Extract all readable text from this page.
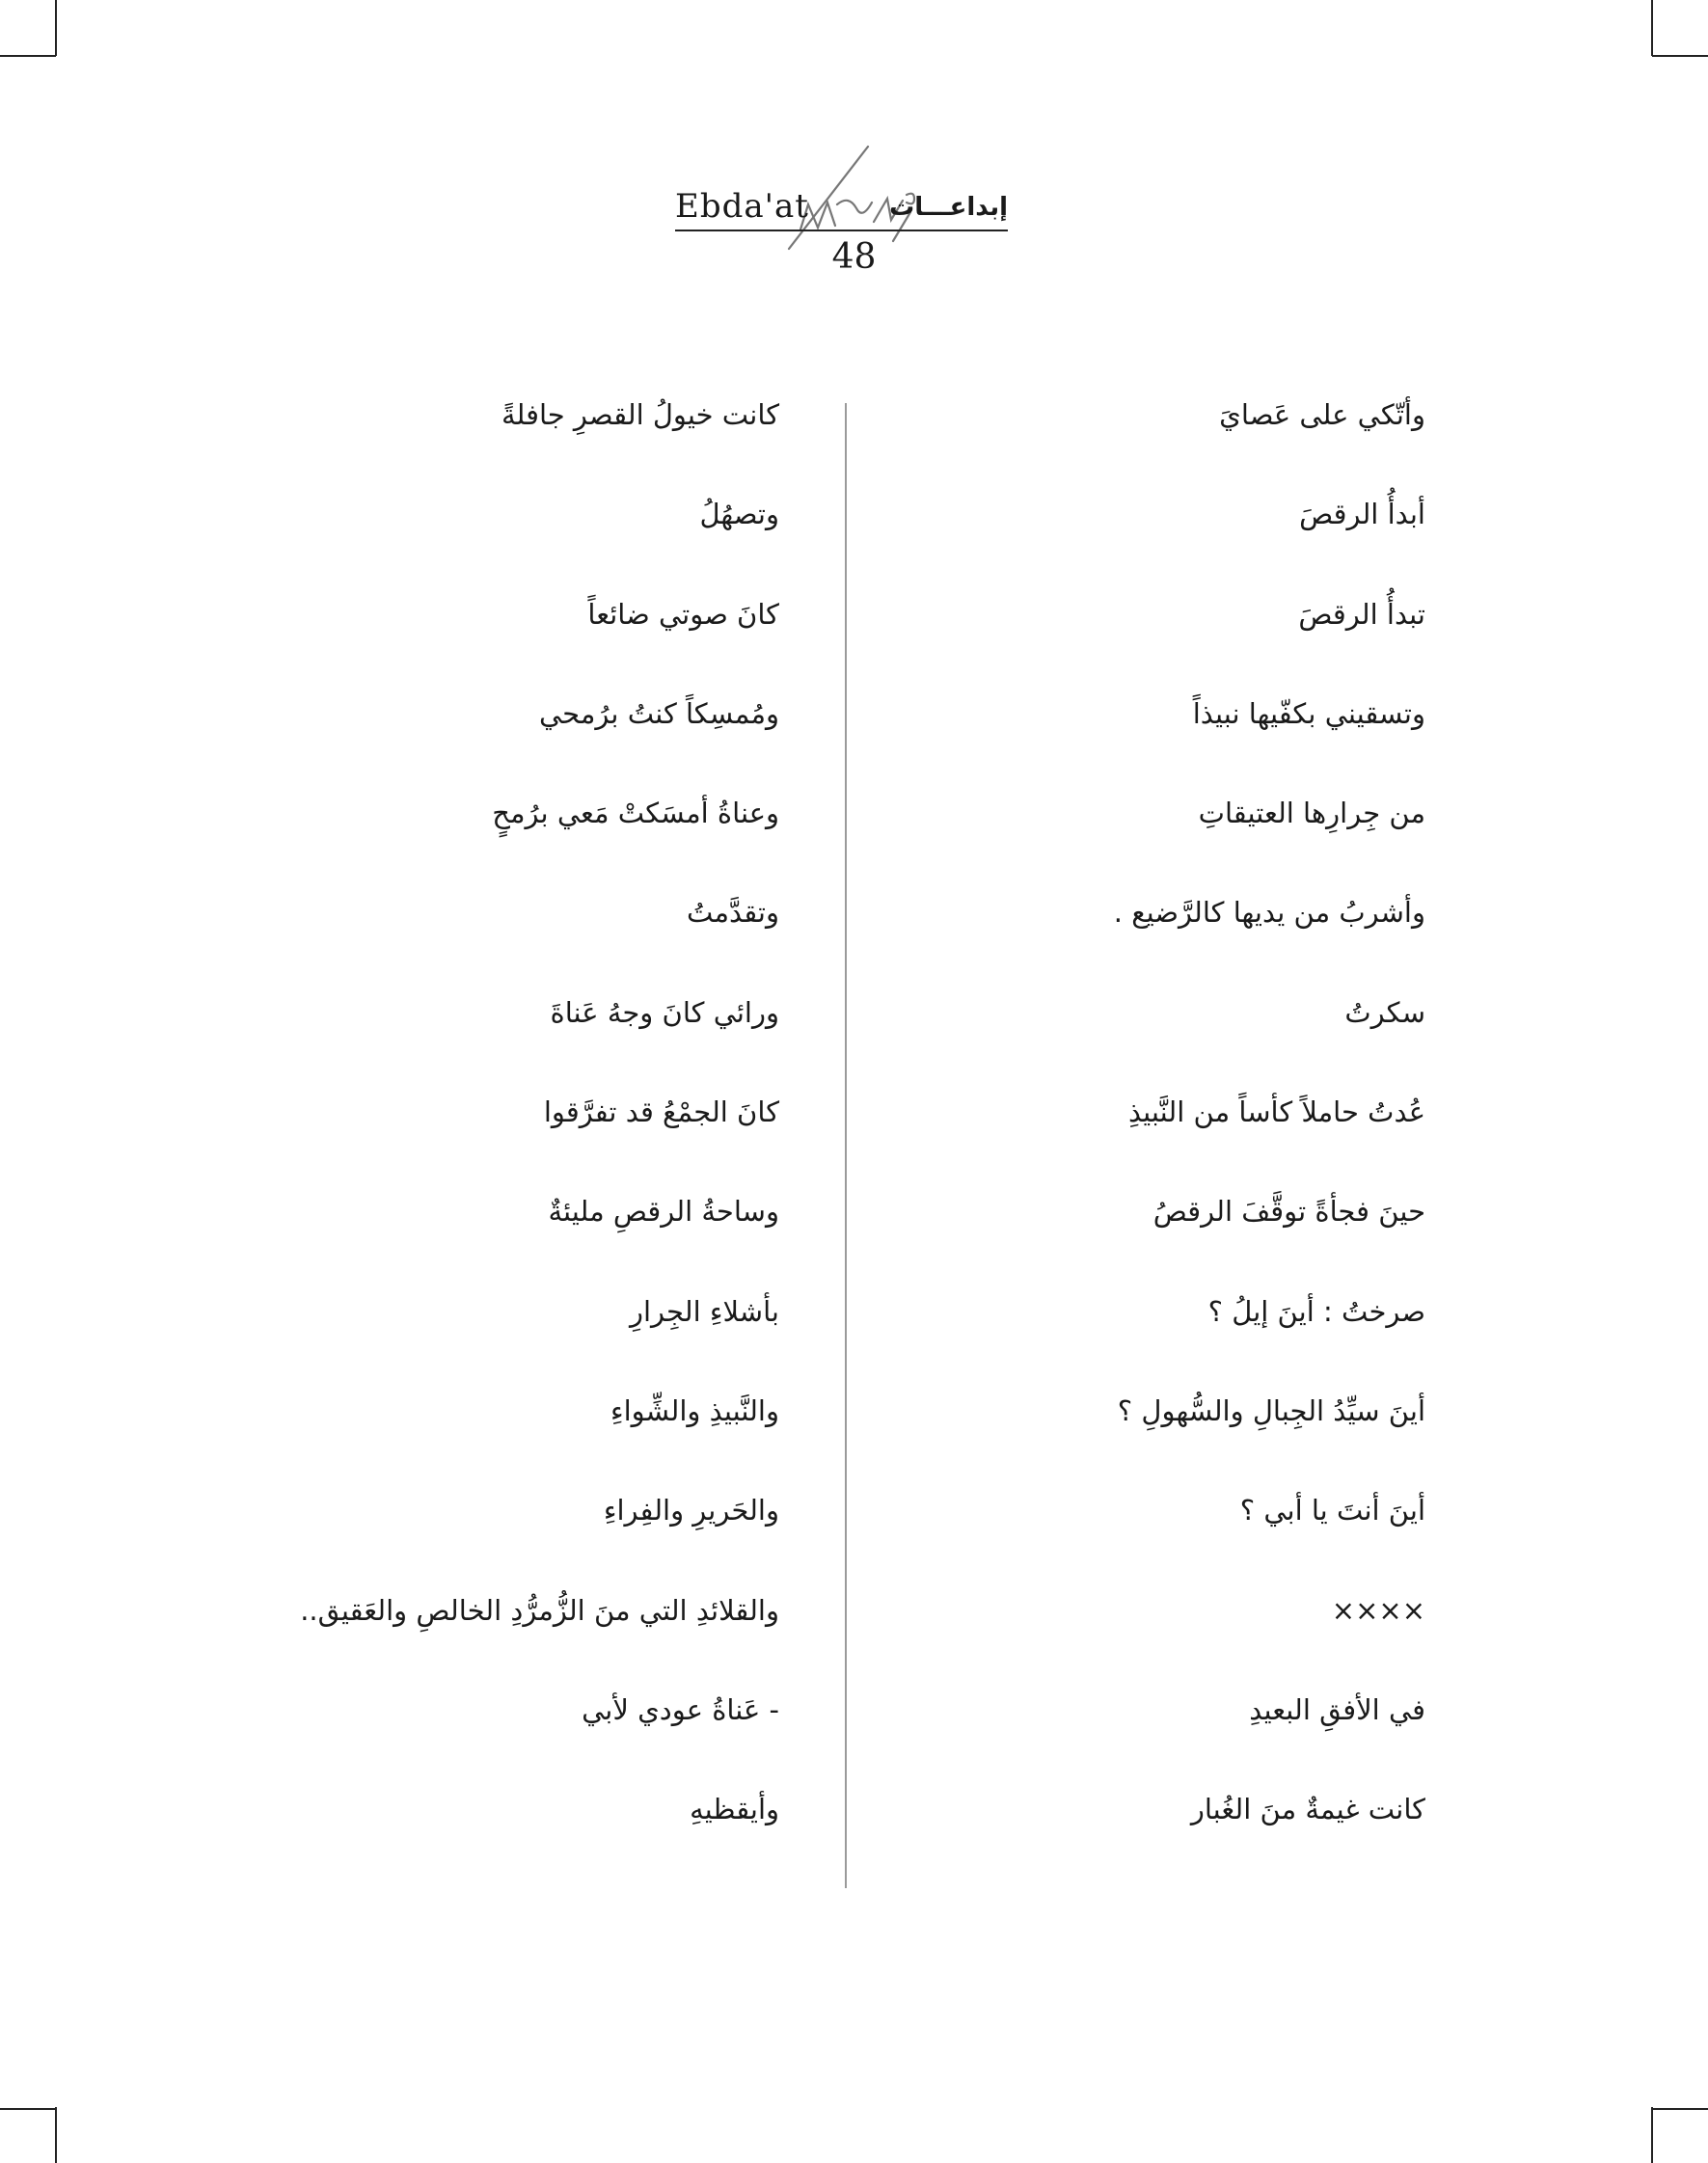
Ebda'at	إبداعـــات
48
وأتّكي على عَصايَ
أبدأُ الرقصَ
تبدأُ الرقصَ
وتسقيني بكفّيها نبيذاً
من جِرارِها العتيقاتِ
وأشربُ من يديها كالرَّضيع .
سكرتُ
عُدتُ حاملاً كأساً من النَّبيذِ
حينَ فجأةً توقَّفَ الرقصُ
صرختُ : أينَ إيلُ ؟
أينَ سيِّدُ الجِبالِ والسُّهولِ ؟
أينَ أنتَ يا أبي ؟
××××
في الأفقِ البعيدِ
كانت غيمةٌ منَ الغُبار
كانت خيولُ القصرِ جافلةً
وتصهُلُ
كانَ صوتي ضائعاً
ومُمسِكاً كنتُ برُمحي
وعناةُ أمسَكتْ مَعي برُمحٍ
وتقدَّمتُ
ورائي كانَ وجهُ عَناةَ
كانَ الجمْعُ قد تفرَّقوا
وساحةُ الرقصِ مليئةٌ
بأشلاءِ الجِرارِ
والنَّبيذِ والشِّواءِ
والحَريرِ والفِراءِ
والقلائدِ التي منَ الزُّمرُّدِ الخالصِ والعَقيق..
- عَناةُ عودي لأبي
وأيقظيهِ
